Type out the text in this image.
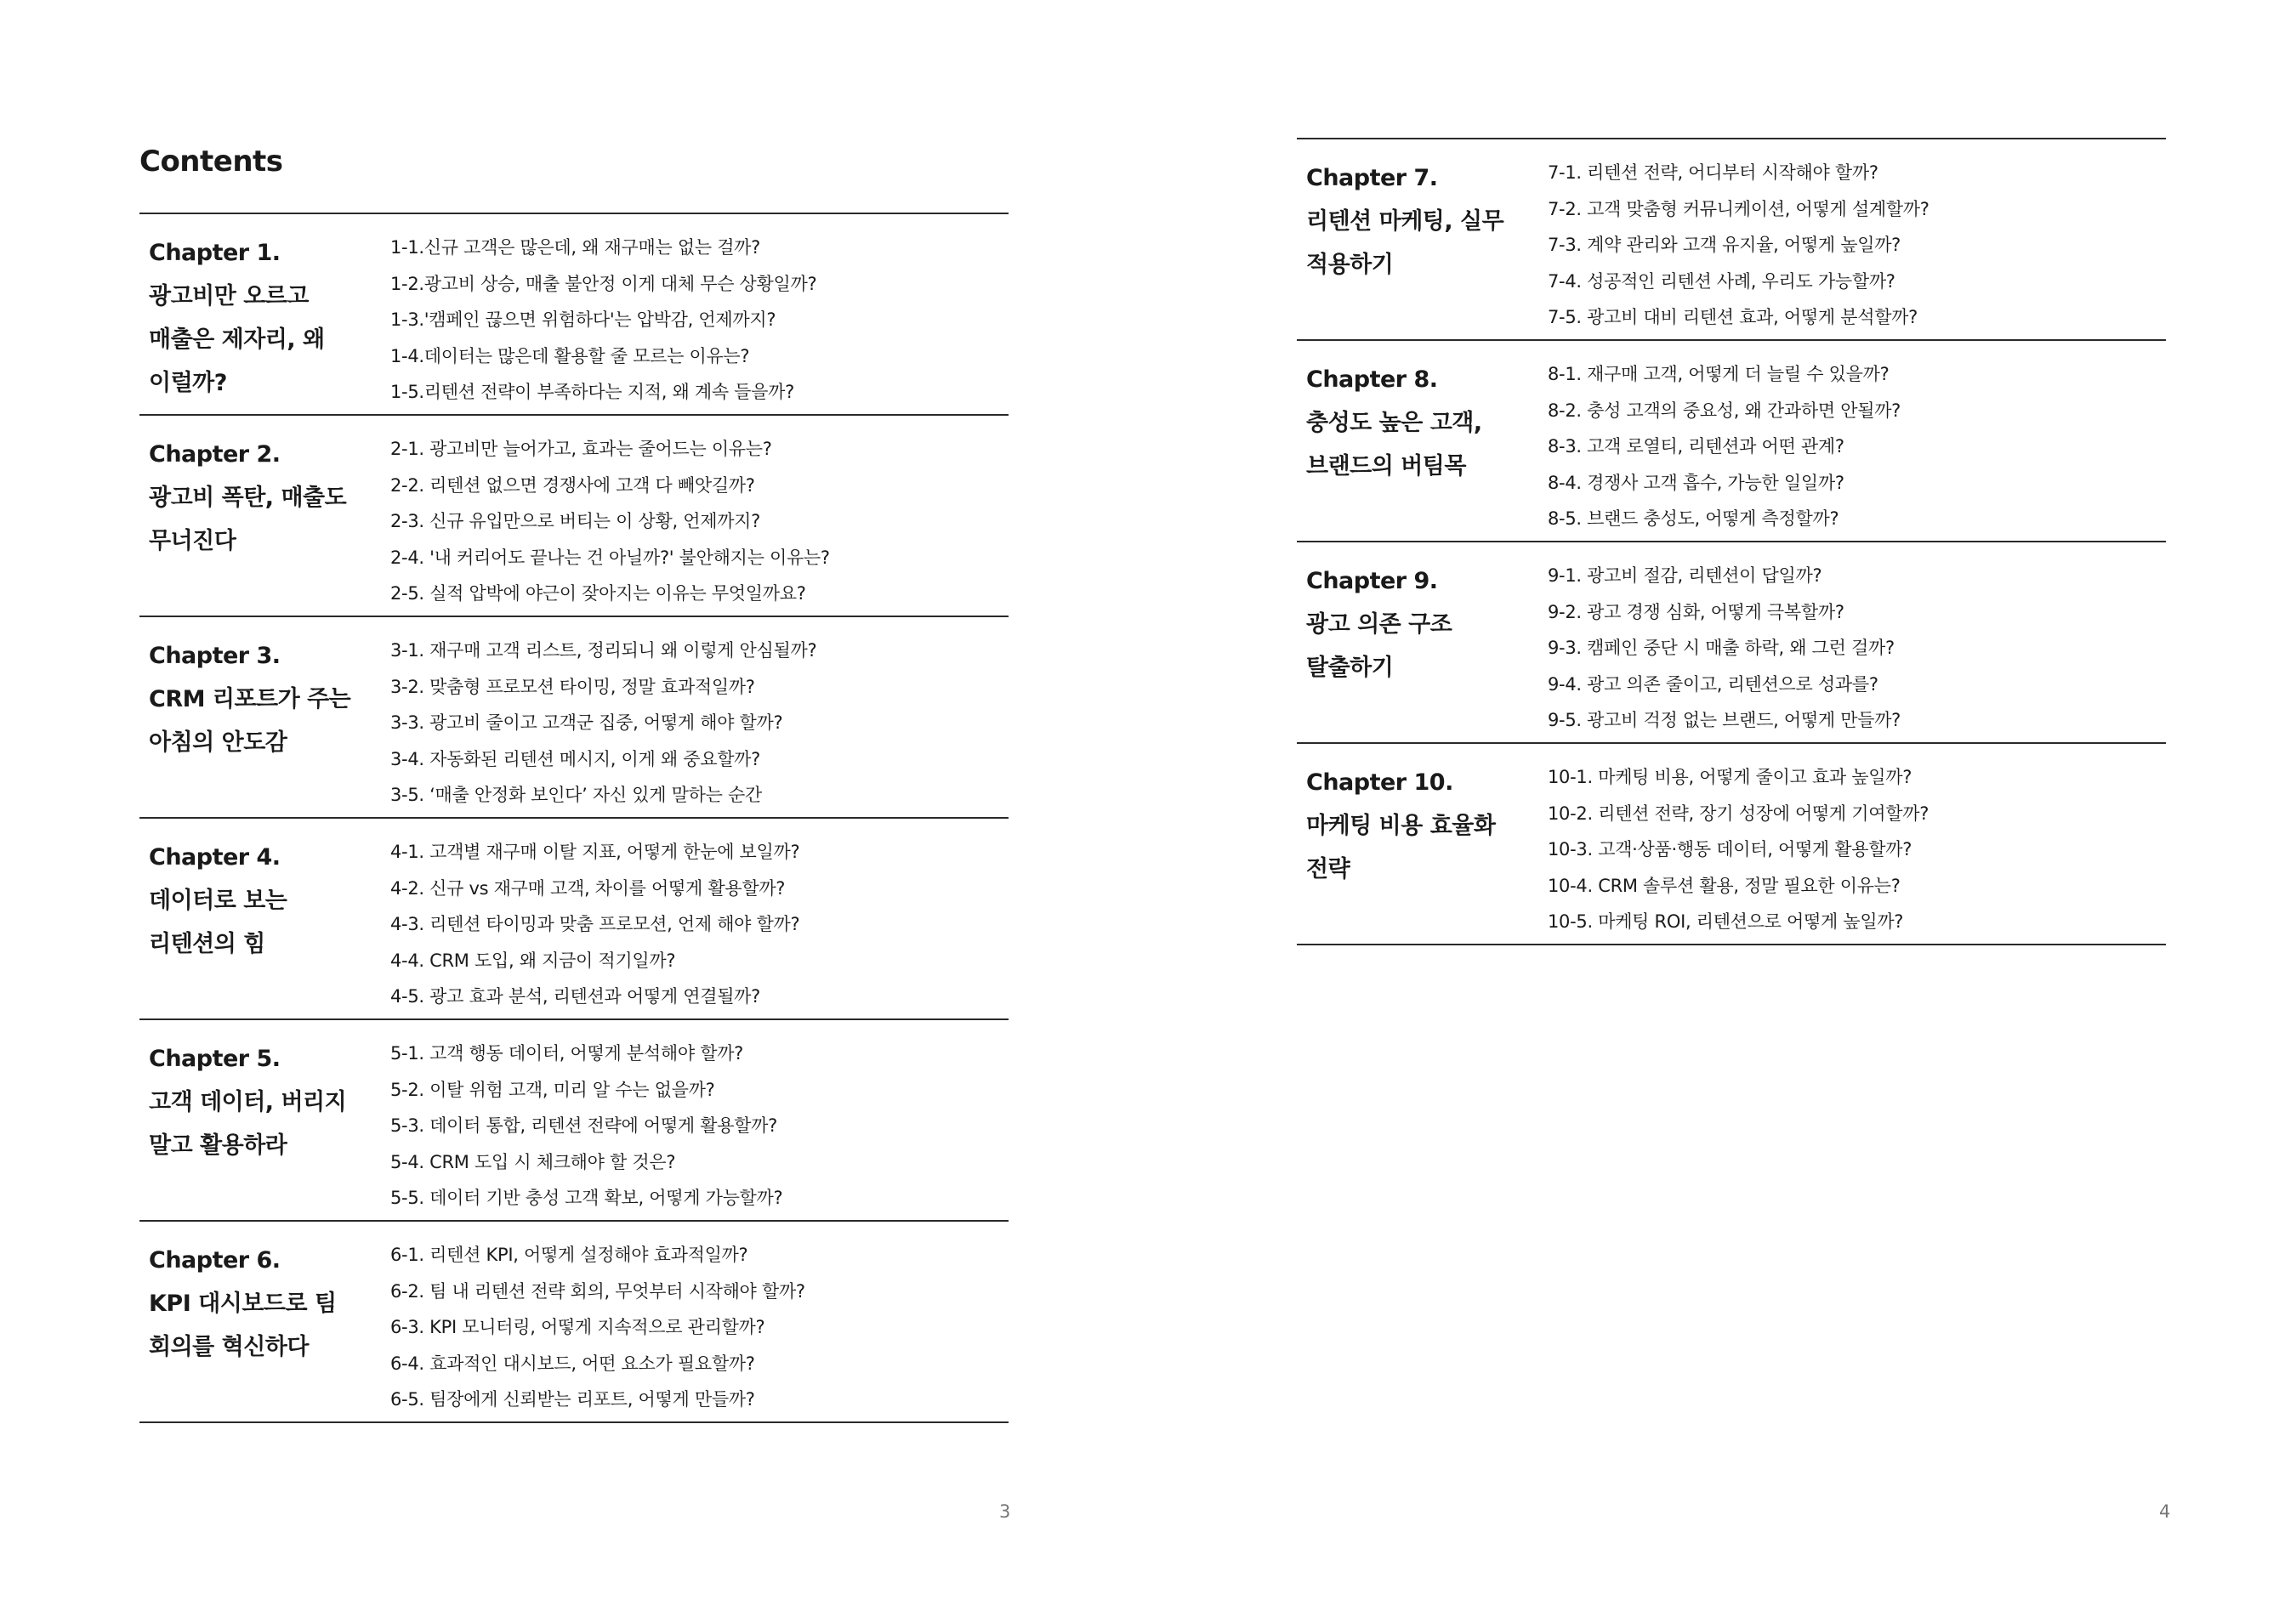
Contents
Chapter 1.
광고비만 오르고
매출은 제자리, 왜
이럴까?
1-1.신규 고객은 많은데, 왜 재구매는 없는 걸까?
1-2.광고비 상승, 매출 불안정 이게 대체 무슨 상황일까?
1-3.'캠페인 끊으면 위험하다'는 압박감, 언제까지?
1-4.데이터는 많은데 활용할 줄 모르는 이유는?
1-5.리텐션 전략이 부족하다는 지적, 왜 계속 들을까?
Chapter 2.
광고비 폭탄, 매출도
무너진다
2-1. 광고비만 늘어가고, 효과는 줄어드는 이유는?
2-2. 리텐션 없으면 경쟁사에 고객 다 빼앗길까?
2-3. 신규 유입만으로 버티는 이 상황, 언제까지?
2-4. '내 커리어도 끝나는 건 아닐까?' 불안해지는 이유는?
2-5. 실적 압박에 야근이 잦아지는 이유는 무엇일까요?
Chapter 3.
CRM 리포트가 주는
아침의 안도감
3-1. 재구매 고객 리스트, 정리되니 왜 이렇게 안심될까?
3-2. 맞춤형 프로모션 타이밍, 정말 효과적일까?
3-3. 광고비 줄이고 고객군 집중, 어떻게 해야 할까?
3-4. 자동화된 리텐션 메시지, 이게 왜 중요할까?
3-5. ‘매출 안정화 보인다’ 자신 있게 말하는 순간
Chapter 4.
데이터로 보는
리텐션의 힘
4-1. 고객별 재구매 이탈 지표, 어떻게 한눈에 보일까?
4-2. 신규 vs 재구매 고객, 차이를 어떻게 활용할까?
4-3. 리텐션 타이밍과 맞춤 프로모션, 언제 해야 할까?
4-4. CRM 도입, 왜 지금이 적기일까?
4-5. 광고 효과 분석, 리텐션과 어떻게 연결될까?
Chapter 5.
고객 데이터, 버리지
말고 활용하라
5-1. 고객 행동 데이터, 어떻게 분석해야 할까?
5-2. 이탈 위험 고객, 미리 알 수는 없을까?
5-3. 데이터 통합, 리텐션 전략에 어떻게 활용할까?
5-4. CRM 도입 시 체크해야 할 것은?
5-5. 데이터 기반 충성 고객 확보, 어떻게 가능할까?
Chapter 6.
KPI 대시보드로 팀
회의를 혁신하다
6-1. 리텐션 KPI, 어떻게 설정해야 효과적일까?
6-2. 팀 내 리텐션 전략 회의, 무엇부터 시작해야 할까?
6-3. KPI 모니터링, 어떻게 지속적으로 관리할까?
6-4. 효과적인 대시보드, 어떤 요소가 필요할까?
6-5. 팀장에게 신뢰받는 리포트, 어떻게 만들까?
3
Chapter 7.
리텐션 마케팅, 실무
적용하기
7-1. 리텐션 전략, 어디부터 시작해야 할까?
7-2. 고객 맞춤형 커뮤니케이션, 어떻게 설계할까?
7-3. 계약 관리와 고객 유지율, 어떻게 높일까?
7-4. 성공적인 리텐션 사례, 우리도 가능할까?
7-5. 광고비 대비 리텐션 효과, 어떻게 분석할까?
Chapter 8.
충성도 높은 고객,
브랜드의 버팀목
8-1. 재구매 고객, 어떻게 더 늘릴 수 있을까?
8-2. 충성 고객의 중요성, 왜 간과하면 안될까?
8-3. 고객 로열티, 리텐션과 어떤 관계?
8-4. 경쟁사 고객 흡수, 가능한 일일까?
8-5. 브랜드 충성도, 어떻게 측정할까?
Chapter 9.
광고 의존 구조
탈출하기
9-1. 광고비 절감, 리텐션이 답일까?
9-2. 광고 경쟁 심화, 어떻게 극복할까?
9-3. 캠페인 중단 시 매출 하락, 왜 그런 걸까?
9-4. 광고 의존 줄이고, 리텐션으로 성과를?
9-5. 광고비 걱정 없는 브랜드, 어떻게 만들까?
Chapter 10.
마케팅 비용 효율화
전략
10-1. 마케팅 비용, 어떻게 줄이고 효과 높일까?
10-2. 리텐션 전략, 장기 성장에 어떻게 기여할까?
10-3. 고객·상품·행동 데이터, 어떻게 활용할까?
10-4. CRM 솔루션 활용, 정말 필요한 이유는?
10-5. 마케팅 ROI, 리텐션으로 어떻게 높일까?
4
